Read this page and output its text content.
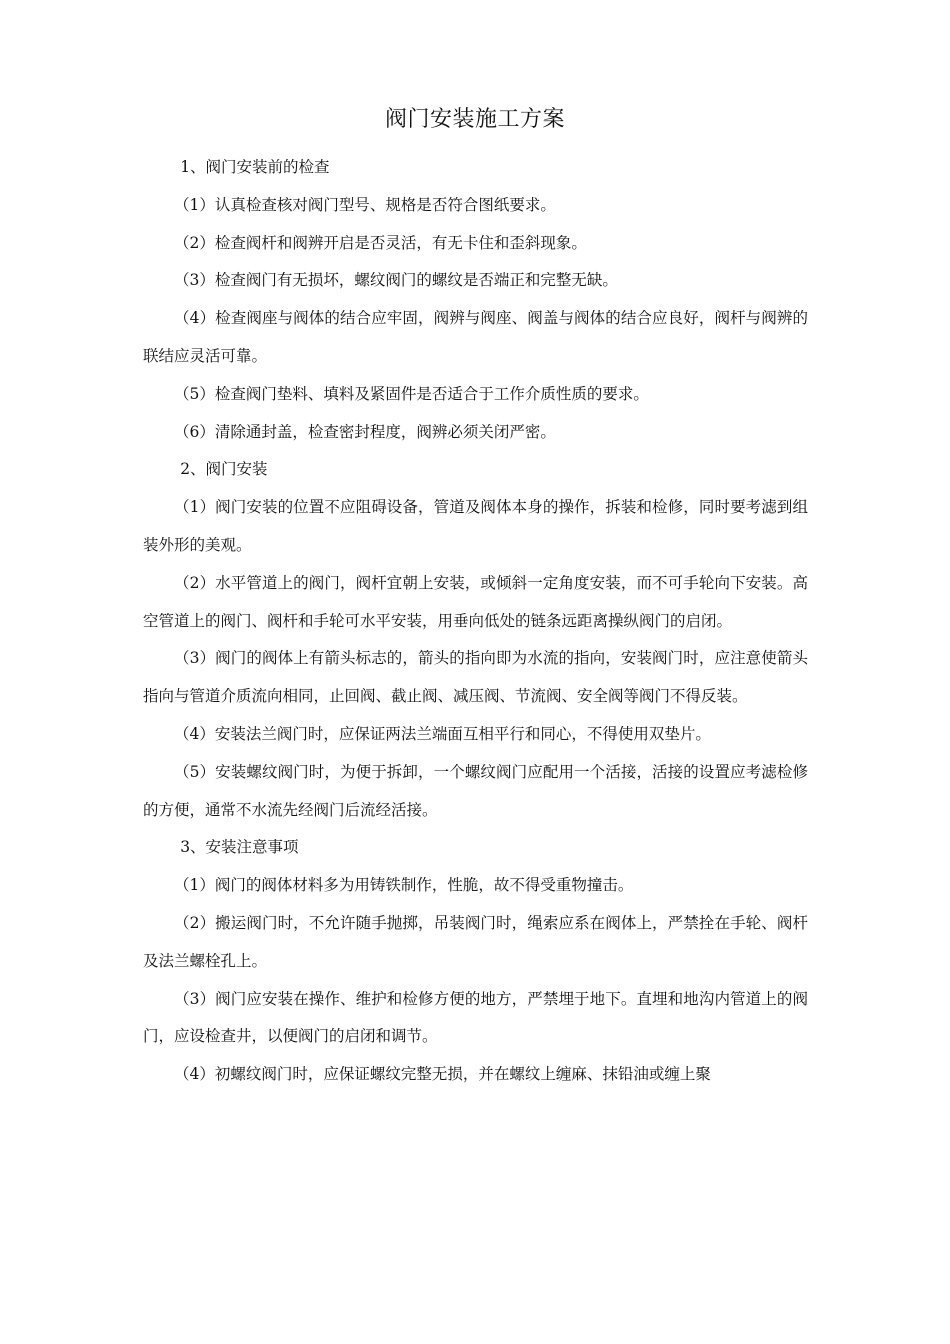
阀门安装施工方案

1、阀门安装前的检查

（1）认真检查核对阀门型号、规格是否符合图纸要求。

（2）检查阀杆和阀辨开启是否灵活，有无卡住和歪斜现象。

（3）检查阀门有无损坏，螺纹阀门的螺纹是否端正和完整无缺。

（4）检查阀座与阀体的结合应牢固，阀辨与阀座、阀盖与阀体的结合应良好，阀杆与阀辨的联结应灵活可靠。

（5）检查阀门垫料、填料及紧固件是否适合于工作介质性质的要求。

（6）清除通封盖，检查密封程度，阀辨必须关闭严密。

2、阀门安装

（1）阀门安装的位置不应阻碍设备，管道及阀体本身的操作，拆装和检修，同时要考滤到组装外形的美观。

（2）水平管道上的阀门，阀杆宜朝上安装，或倾斜一定角度安装，而不可手轮向下安装。高空管道上的阀门、阀杆和手轮可水平安装，用垂向低处的链条远距离操纵阀门的启闭。

（3）阀门的阀体上有箭头标志的，箭头的指向即为水流的指向，安装阀门时，应注意使箭头指向与管道介质流向相同，止回阀、截止阀、减压阀、节流阀、安全阀等阀门不得反装。

（4）安装法兰阀门时，应保证两法兰端面互相平行和同心，不得使用双垫片。

（5）安装螺纹阀门时，为便于拆卸，一个螺纹阀门应配用一个活接，活接的设置应考滤检修的方便，通常不水流先经阀门后流经活接。

3、安装注意事项

（1）阀门的阀体材料多为用铸铁制作，性脆，故不得受重物撞击。

（2）搬运阀门时，不允许随手抛掷，吊装阀门时，绳索应系在阀体上，严禁拴在手轮、阀杆及法兰螺栓孔上。

（3）阀门应安装在操作、维护和检修方便的地方，严禁埋于地下。直埋和地沟内管道上的阀门，应设检查井，以便阀门的启闭和调节。

（4）初螺纹阀门时，应保证螺纹完整无损，并在螺纹上缠麻、抹铅油或缠上聚
